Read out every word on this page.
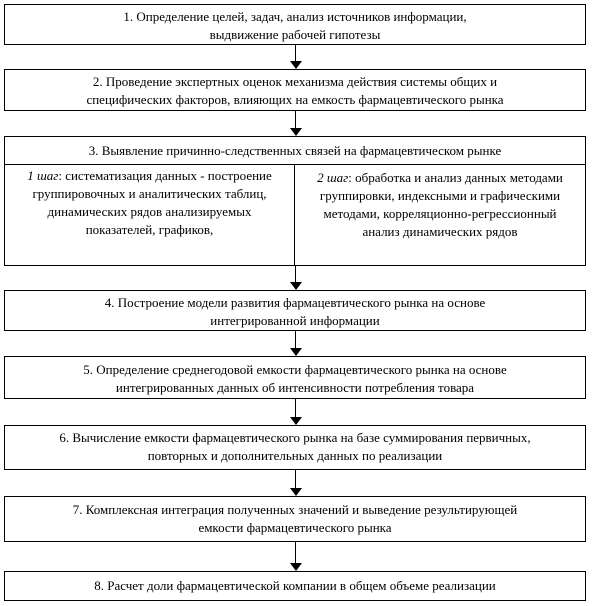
1. Определение целей, задач, анализ источников информации,
выдвижение рабочей гипотезы
2. Проведение экспертных оценок механизма действия системы общих и
специфических факторов, влияющих на емкость фармацевтического рынка
3. Выявление причинно-следственных связей на фармацевтическом рынке
1 шаг: систематизация данных - построение группировочных и аналитических таблиц, динамических рядов анализируемых показателей, графиков,
2 шаг: обработка и анализ данных методами группировки, индексными и графическими методами, корреляционно-регрессионный анализ динамических рядов
4. Построение модели развития фармацевтического рынка на основе
интегрированной информации
5. Определение среднегодовой емкости фармацевтического рынка на основе
интегрированных данных об интенсивности потребления товара
6. Вычисление емкости фармацевтического рынка на базе суммирования первичных,
повторных и дополнительных данных по реализации
7. Комплексная интеграция полученных значений и выведение результирующей
емкости фармацевтического рынка
8. Расчет доли фармацевтической компании в общем объеме реализации
